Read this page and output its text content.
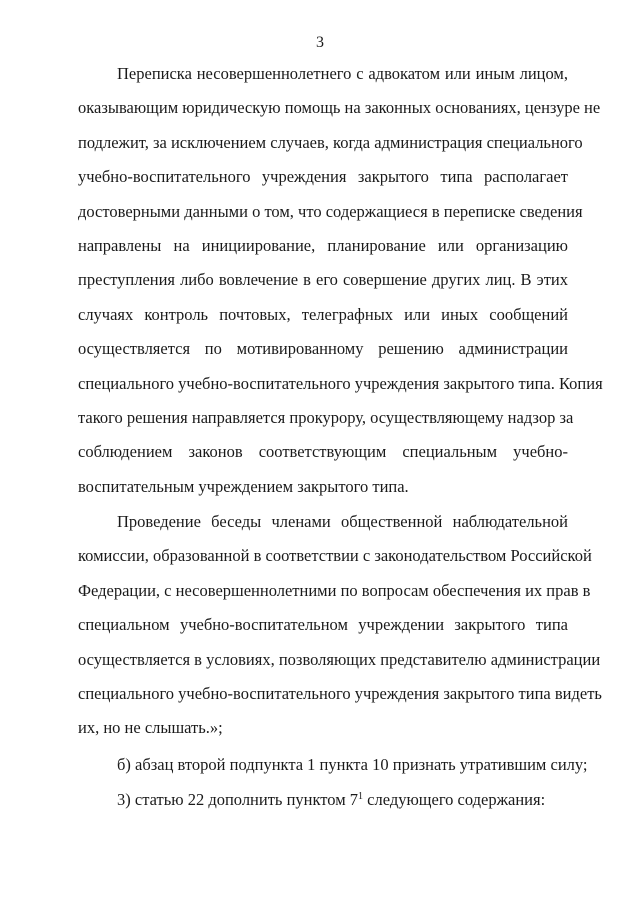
3
Переписка несовершеннолетнего с адвокатом или иным лицом,
оказывающим юридическую помощь на законных основаниях, цензуре не
подлежит, за исключением случаев, когда администрация специального
учебно-воспитательного учреждения закрытого типа располагает
достоверными данными о том, что содержащиеся в переписке сведения
направлены на инициирование, планирование или организацию
преступления либо вовлечение в его совершение других лиц. В этих
случаях контроль почтовых, телеграфных или иных сообщений
осуществляется по мотивированному решению администрации
специального учебно-воспитательного учреждения закрытого типа. Копия
такого решения направляется прокурору, осуществляющему надзор за
соблюдением законов соответствующим специальным учебно-
воспитательным учреждением закрытого типа.
Проведение беседы членами общественной наблюдательной
комиссии, образованной в соответствии с законодательством Российской
Федерации, с несовершеннолетними по вопросам обеспечения их прав в
специальном учебно-воспитательном учреждении закрытого типа
осуществляется в условиях, позволяющих представителю администрации
специального учебно-воспитательного учреждения закрытого типа видеть
их, но не слышать.»;
б) абзац второй подпункта 1 пункта 10 признать утратившим силу;
3) статью 22 дополнить пунктом $7^1$ следующего содержания:
